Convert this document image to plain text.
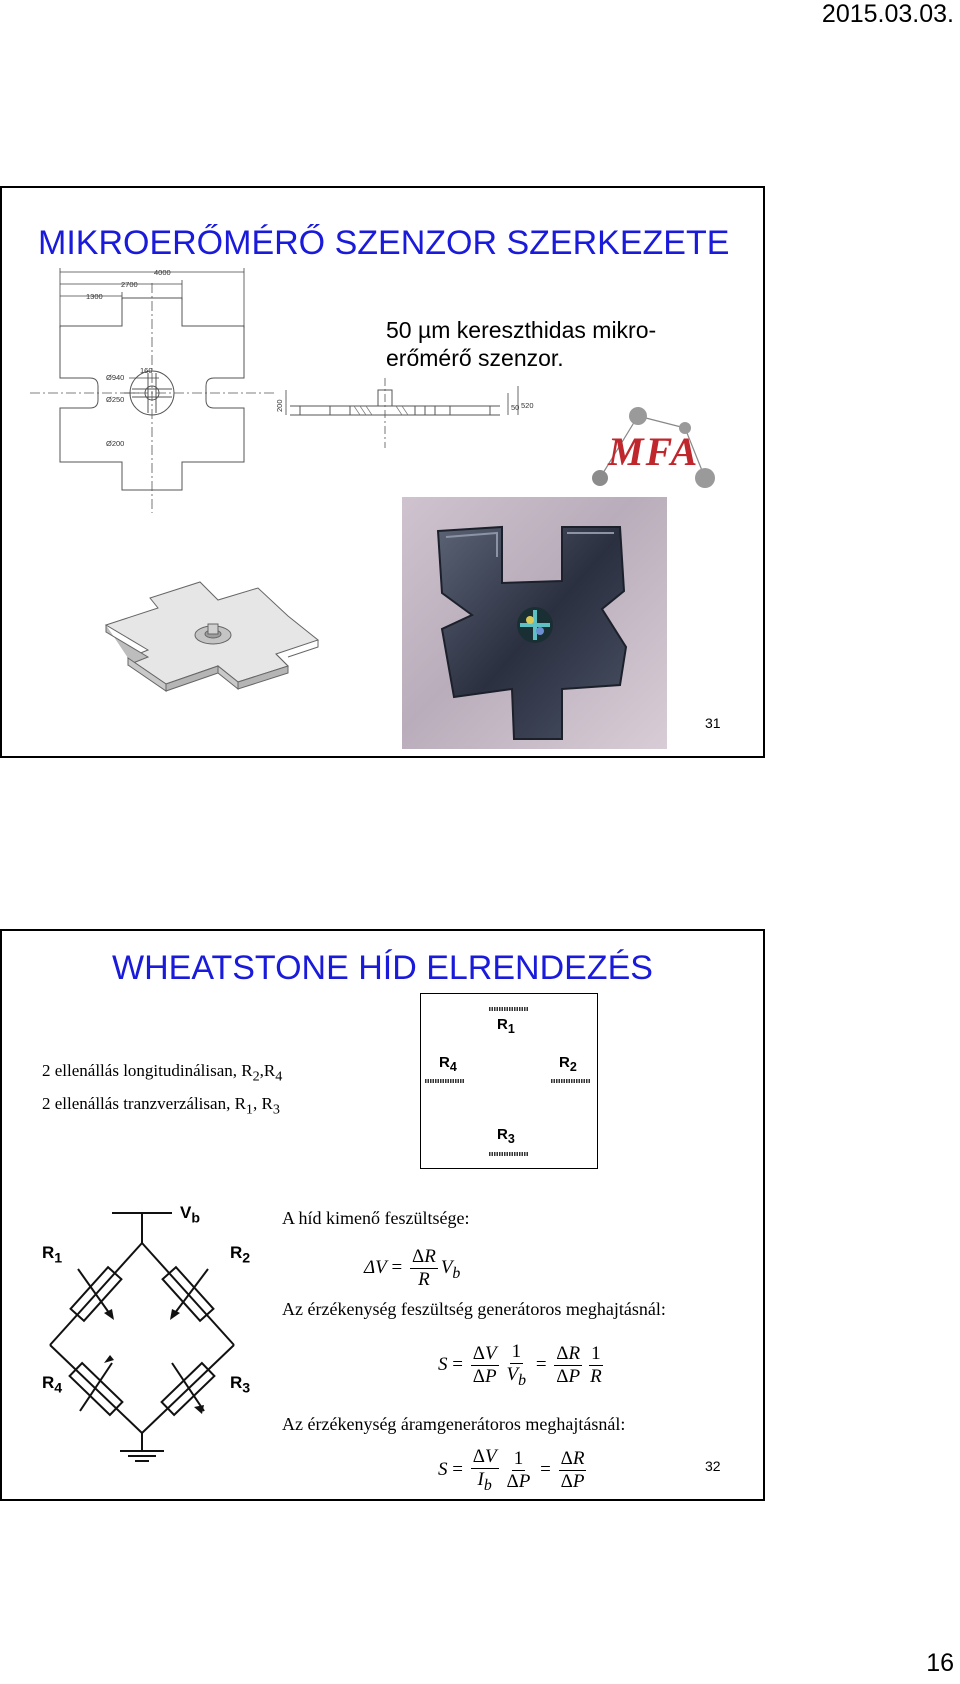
2015.03.03.
MIKROERŐMÉRŐ SZENZOR SZERKEZETE
4000
2700
1300
160
Ø940
Ø250
Ø200
200	50 520
50 µm kereszthidas mikro-
erőmérő szenzor.
MFA
31
WHEATSTONE HÍD ELRENDEZÉS
2 ellenállás longitudinálisan, $R_2,R_4$
2 ellenállás tranzverzálisan, $R_1$, $R_3$
$R_1$
$R_4$	$R_2$
$R_3$
$V_b$
$R_1$	$R_2$
$R_4$	$R_3$
A híd kimenő feszültsége:
$\Delta V = \frac{\Delta R}{R} V_b$
Az érzékenység feszültség generátoros meghajtásnál:
$S = \frac{\Delta V}{\Delta P} \frac{1}{V_b} = \frac{\Delta R}{\Delta P} \frac{1}{R}$
Az érzékenység áramgenerátoros meghajtásnál:
$S = \frac{\Delta V}{I_b} \frac{1}{\Delta P} = \frac{\Delta R}{\Delta P}$	32
16
